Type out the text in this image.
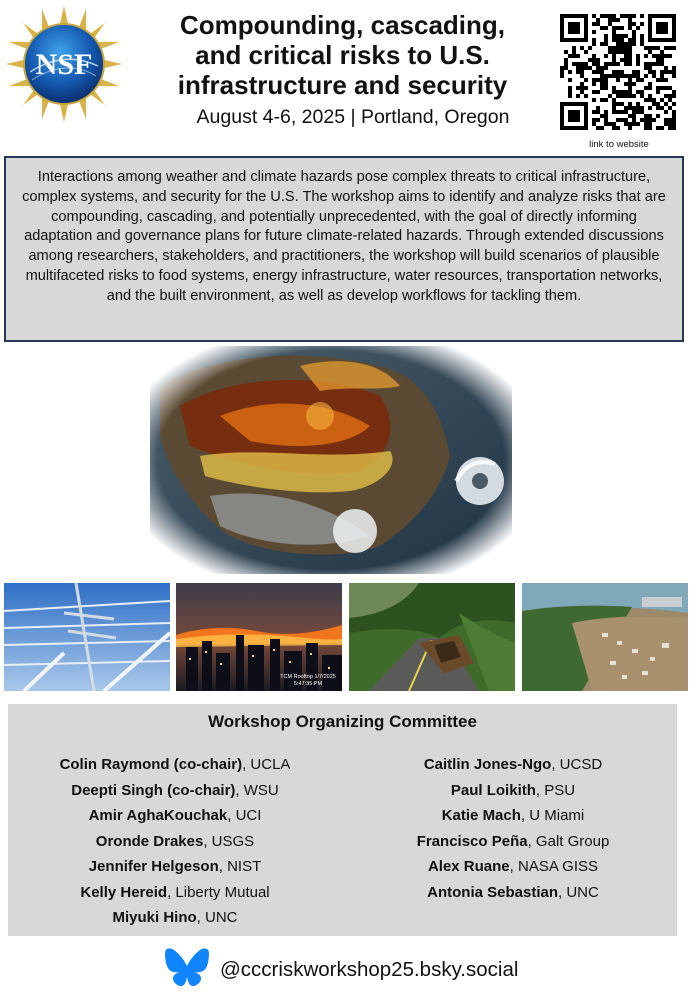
NSF
Compounding, cascading,
and critical risks to U.S.
infrastructure and security
August 4-6, 2025 | Portland, Oregon
link to website
Interactions among weather and climate hazards pose complex threats to critical infrastructure, complex systems, and security for the U.S. The workshop aims to identify and analyze risks that are compounding, cascading, and potentially unprecedented, with the goal of directly informing adaptation and governance plans for future climate-related hazards. Through extended discussions among researchers, stakeholders, and practitioners, the workshop will build scenarios of plausible multifaceted risks to food systems, energy infrastructure, water resources, transportation networks, and the built environment, as well as develop workflows for tackling them.
TCM Rooftop 1/7/2025 5:47:35 PM
Workshop Organizing Committee
Colin Raymond (co-chair), UCLA
Deepti Singh (co-chair), WSU
Amir AghaKouchak, UCI
Oronde Drakes, USGS
Jennifer Helgeson, NIST
Kelly Hereid, Liberty Mutual
Miyuki Hino, UNC
Caitlin Jones-Ngo, UCSD
Paul Loikith, PSU
Katie Mach, U Miami
Francisco Peña, Galt Group
Alex Ruane, NASA GISS
Antonia Sebastian, UNC
@cccriskworkshop25.bsky.social
